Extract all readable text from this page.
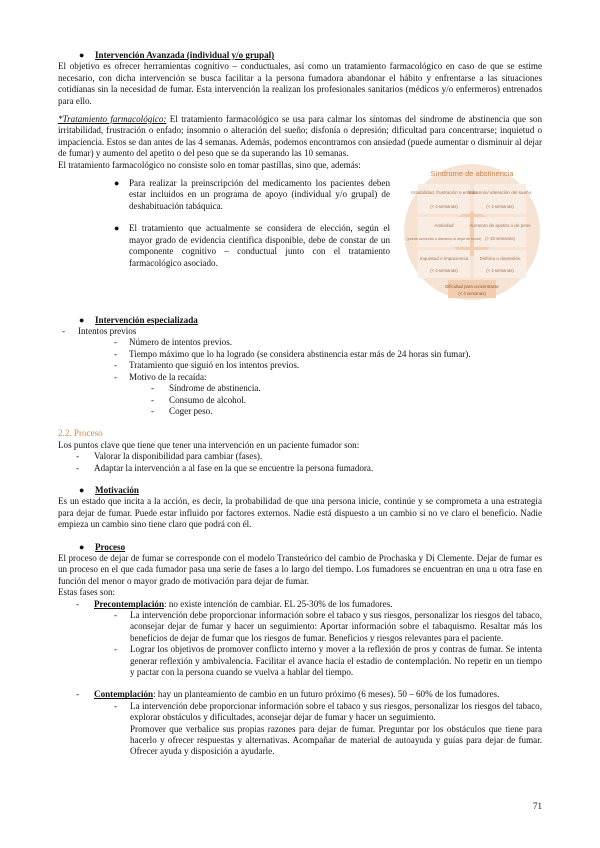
● Intervención Avanzada (individual y/o grupal)

El objetivo es ofrecer herramientas cognitivo – conductuales, así como un tratamiento farmacológico en caso de que se estime necesario, con dicha intervención se busca facilitar a la persona fumadora abandonar el hábito y enfrentarse a las situaciones cotidianas sin la necesidad de fumar. Esta intervención la realizan los profesionales sanitarios (médicos y/o enfermeros) entrenados para ello.

*Tratamiento farmacológico: El tratamiento farmacológico se usa para calmar los síntomas del síndrome de abstinencia que son irritabilidad, frustración o enfado; insomnio o alteración del sueño; disfonía o depresión; dificultad para concentrarse; inquietud o impaciencia. Estos se dan antes de las 4 semanas. Además, podemos encontramos con ansiedad (puede aumentar o disminuir al dejar de fumar) y aumento del apetito o del peso que se da superando las 10 semanas.

El tratamiento farmacológico no consiste solo en tomar pastillas, sino que, además:

● Para realizar la preinscripción del medicamento los pacientes deben estar incluidos en un programa de apoyo (individual y/o grupal) de deshabituación tabáquica.

● El tratamiento que actualmente se considera de elección, según el mayor grado de evidencia científica disponible, debe de constar de un componente cognitivo – conductual junto con el tratamiento farmacológico asociado.

Síndrome de abstinencia
Irritabilidad, frustración o enfado
(< 4 semanas)
Insomnio/ alteración del sueño
(< 4 semanas)
Ansiedad
(puede aumentar o disminuir al dejar de fumar)
Aumento de apetito o de peso
(> 10 semanas)
Inquietud o impaciencia
(< 4 semanas)
Disforia o depresión
(< 4 semanas)
Dificultad para concentrarse
(< 4 semanas)

● Intervención especializada

- Intentos previos

- Número de intentos previos.

- Tiempo máximo que lo ha logrado (se considera abstinencia estar más de 24 horas sin fumar).

- Tratamiento que siguió en los intentos previos.

- Motivo de la recaída:

- Síndrome de abstinencia.

- Consumo de alcohol.

- Coger peso.

2.2. Proceso

Los puntos clave que tiene que tener una intervención en un paciente fumador son:

- Valorar la disponibilidad para cambiar (fases).

- Adaptar la intervención a al fase en la que se encuentre la persona fumadora.

● Motivación

Es un estado que incita a la acción, es decir, la probabilidad de que una persona inicie, continúe y se comprometa a una estrategia para dejar de fumar. Puede estar influido por factores externos. Nadie está dispuesto a un cambio si no ve claro el beneficio. Nadie empieza un cambio sino tiene claro que podrá con él.

● Proceso

El proceso de dejar de fumar se corresponde con el modelo Transteórico del cambio de Prochaska y Di Clemente. Dejar de fumar es un proceso en el que cada fumador pasa una serie de fases a lo largo del tiempo. Los fumadores se encuentran en una u otra fase en función del menor o mayor grado de motivación para dejar de fumar.

Estas fases son:

- Precontemplación: no existe intención de cambiar. EL 25-30% de los fumadores.

- La intervención debe proporcionar información sobre el tabaco y sus riesgos, personalizar los riesgos del tabaco, aconsejar dejar de fumar y hacer un seguimiento: Aportar información sobre el tabaquismo. Resaltar más los beneficios de dejar de fumar que los riesgos de fumar. Beneficios y riesgos relevantes para el paciente.

- Lograr los objetivos de promover conflicto interno y mover a la reflexión de pros y contras de fumar. Se intenta generar reflexión y ambivalencia. Facilitar el avance hacia el estadio de contemplación. No repetir en un tiempo y pactar con la persona cuando se vuelva a hablar del tiempo.

- Contemplación: hay un planteamiento de cambio en un futuro próximo (6 meses). 50 – 60% de los fumadores.

- La intervención debe proporcionar información sobre el tabaco y sus riesgos, personalizar los riesgos del tabaco, explorar obstáculos y dificultades, aconsejar dejar de fumar y hacer un seguimiento.

Promover que verbalice sus propias razones para dejar de fumar. Preguntar por los obstáculos que tiene para hacerlo y ofrecer respuestas y alternativas. Acompañar de material de autoayuda y guías para dejar de fumar. Ofrecer ayuda y disposición a ayudarle.

71
